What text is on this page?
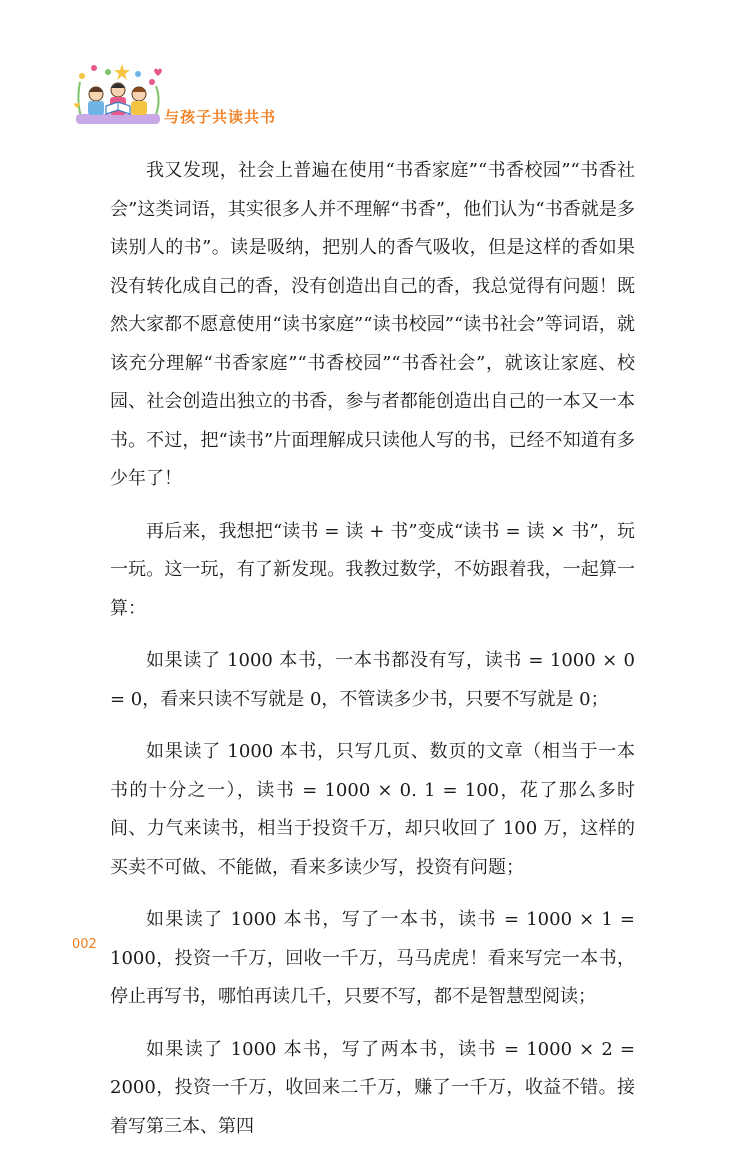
与孩子共读共书

我又发现，社会上普遍在使用“书香家庭”“书香校园”“书香社会”这类词语，其实很多人并不理解“书香”，他们认为“书香就是多读别人的书”。读是吸纳，把别人的香气吸收，但是这样的香如果没有转化成自己的香，没有创造出自己的香，我总觉得有问题！既然大家都不愿意使用“读书家庭”“读书校园”“读书社会”等词语，就该充分理解“书香家庭”“书香校园”“书香社会”，就该让家庭、校园、社会创造出独立的书香，参与者都能创造出自己的一本又一本书。不过，把“读书”片面理解成只读他人写的书，已经不知道有多少年了！

再后来，我想把“读书 = 读 + 书”变成“读书 = 读 × 书”，玩一玩。这一玩，有了新发现。我教过数学，不妨跟着我，一起算一算：

如果读了 1000 本书，一本书都没有写，读书 = 1000 × 0 = 0，看来只读不写就是 0，不管读多少书，只要不写就是 0；

如果读了 1000 本书，只写几页、数页的文章（相当于一本书的十分之一），读书 = 1000 × 0. 1 = 100，花了那么多时间、力气来读书，相当于投资千万，却只收回了 100 万，这样的买卖不可做、不能做，看来多读少写，投资有问题；

如果读了 1000 本书，写了一本书，读书 = 1000 × 1 = 1000，投资一千万，回收一千万，马马虎虎！看来写完一本书，停止再写书，哪怕再读几千，只要不写，都不是智慧型阅读；

如果读了 1000 本书，写了两本书，读书 = 1000 × 2 = 2000，投资一千万，收回来二千万，赚了一千万，收益不错。接着写第三本、第四

002
